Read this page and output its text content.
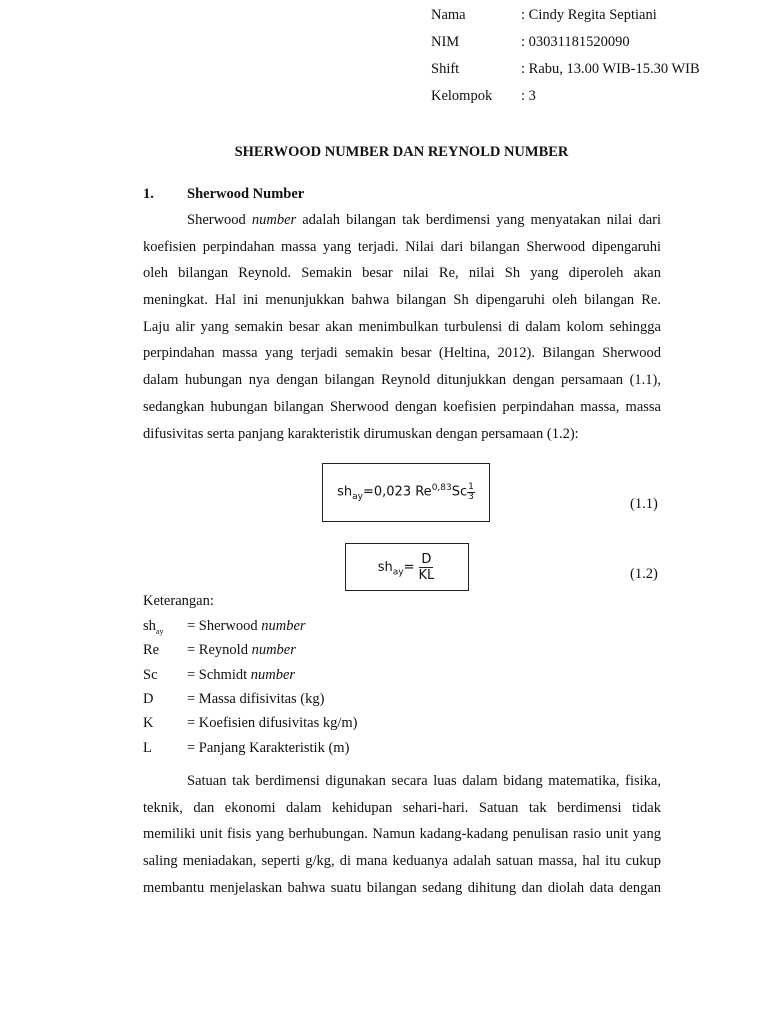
Nama	: Cindy Regita Septiani
NIM	: 03031181520090
Shift	: Rabu, 13.00 WIB-15.30 WIB
Kelompok : 3
SHERWOOD NUMBER DAN REYNOLD NUMBER
1. Sherwood Number
Sherwood number adalah bilangan tak berdimensi yang menyatakan nilai dari
koefisien perpindahan massa yang terjadi. Nilai dari bilangan Sherwood dipengaruhi
oleh bilangan Reynold. Semakin besar nilai Re, nilai Sh yang diperoleh akan
meningkat. Hal ini menunjukkan bahwa bilangan Sh dipengaruhi oleh bilangan Re.
Laju alir yang semakin besar akan menimbulkan turbulensi di dalam kolom sehingga
perpindahan massa yang terjadi semakin besar (Heltina, 2012). Bilangan Sherwood
dalam hubungan nya dengan bilangan Reynold ditunjukkan dengan persamaan (1.1),
sedangkan hubungan bilangan Sherwood dengan koefisien perpindahan massa, massa
difusivitas serta panjang karakteristik dirumuskan dengan persamaan (1.2):
$sh_{ay}=0,023$ $Re^{0,83}Sc \frac{1}{3}$
(1.1)
$sh_{ay}= \frac{D}{KL}$	(1.2)
Keterangan:
$sh_{ay}$ = Sherwood number
Re = Reynold number
Sc = Schmidt number
D = Massa difisivitas (kg)
K = Koefisien difusivitas kg/m)
L = Panjang Karakteristik (m)
Satuan tak berdimensi digunakan secara luas dalam bidang matematika, fisika,
teknik, dan ekonomi dalam kehidupan sehari-hari. Satuan tak berdimensi tidak
memiliki unit fisis yang berhubungan. Namun kadang-kadang penulisan rasio unit yang
saling meniadakan, seperti g/kg, di mana keduanya adalah satuan massa, hal itu cukup
membantu menjelaskan bahwa suatu bilangan sedang dihitung dan diolah data dengan
